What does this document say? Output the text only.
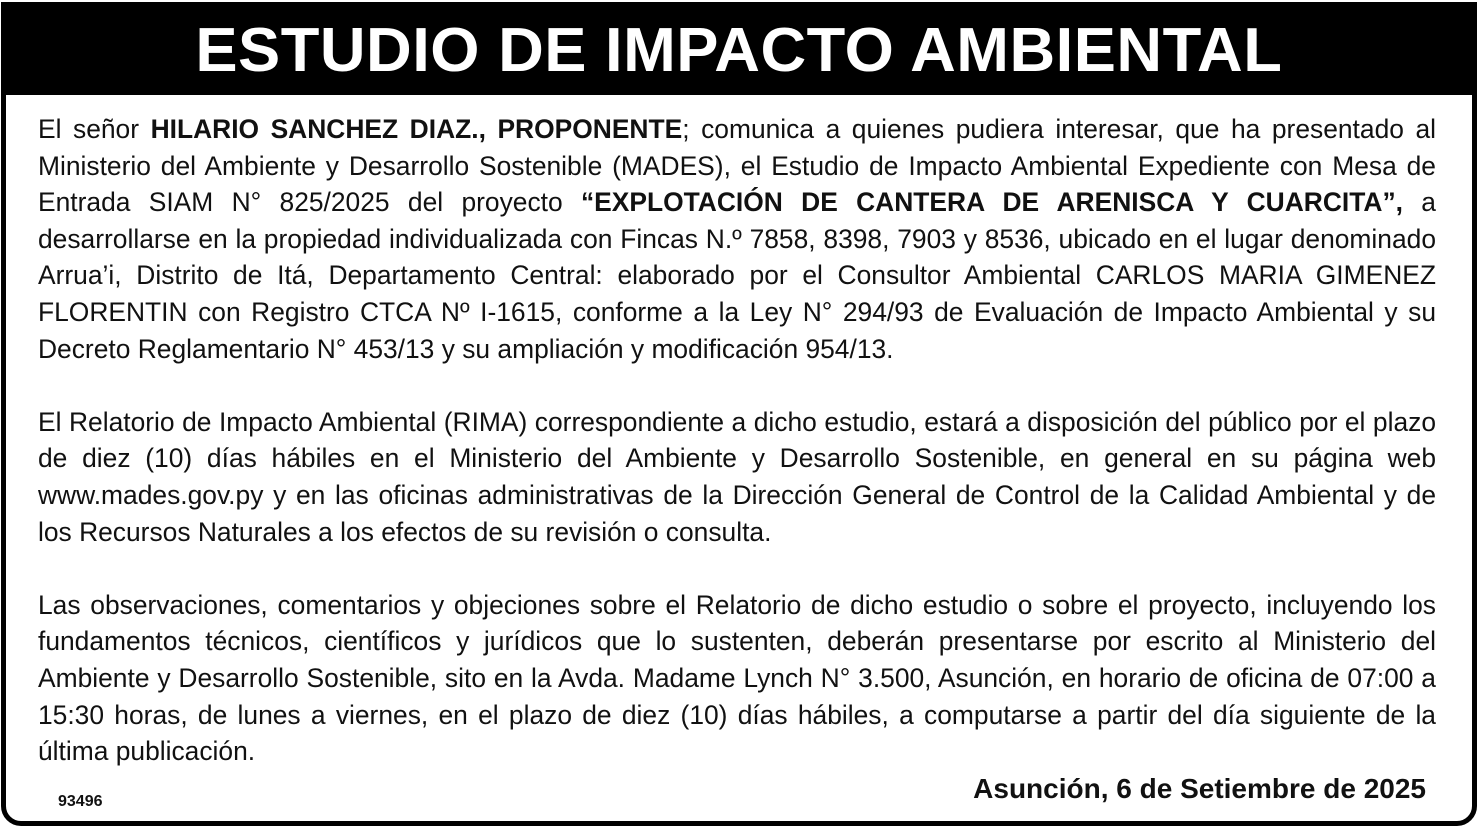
ESTUDIO DE IMPACTO AMBIENTAL

El señor HILARIO SANCHEZ DIAZ., PROPONENTE; comunica a quienes pudiera interesar, que ha presentado al Ministerio del Ambiente y Desarrollo Sostenible (MADES), el Estudio de Impacto Ambiental Expediente con Mesa de Entrada SIAM N° 825/2025 del proyecto “EXPLOTACIÓN DE CANTERA DE ARENISCA Y CUARCITA”, a desarrollarse en la propiedad individualizada con Fincas N.º 7858, 8398, 7903 y 8536, ubicado en el lugar denominado Arrua’i, Distrito de Itá, Departamento Central: elaborado por el Consultor Ambiental CARLOS MARIA GIMENEZ FLORENTIN con Registro CTCA Nº I-1615, conforme a la Ley N° 294/93 de Evaluación de Impacto Ambiental y su Decreto Reglamentario N° 453/13 y su ampliación y modificación 954/13.

El Relatorio de Impacto Ambiental (RIMA) correspondiente a dicho estudio, estará a disposición del público por el plazo de diez (10) días hábiles en el Ministerio del Ambiente y Desarrollo Sostenible, en general en su página web www.mades.gov.py y en las oficinas administrativas de la Dirección General de Control de la Calidad Ambiental y de los Recursos Naturales a los efectos de su revisión o consulta.

Las observaciones, comentarios y objeciones sobre el Relatorio de dicho estudio o sobre el proyecto, incluyendo los fundamentos técnicos, científicos y jurídicos que lo sustenten, deberán presentarse por escrito al Ministerio del Ambiente y Desarrollo Sostenible, sito en la Avda. Madame Lynch N° 3.500, Asunción, en horario de oficina de 07:00 a 15:30 horas, de lunes a viernes, en el plazo de diez (10) días hábiles, a computarse a partir del día siguiente de la última publicación.

93496	Asunción, 6 de Setiembre de 2025
